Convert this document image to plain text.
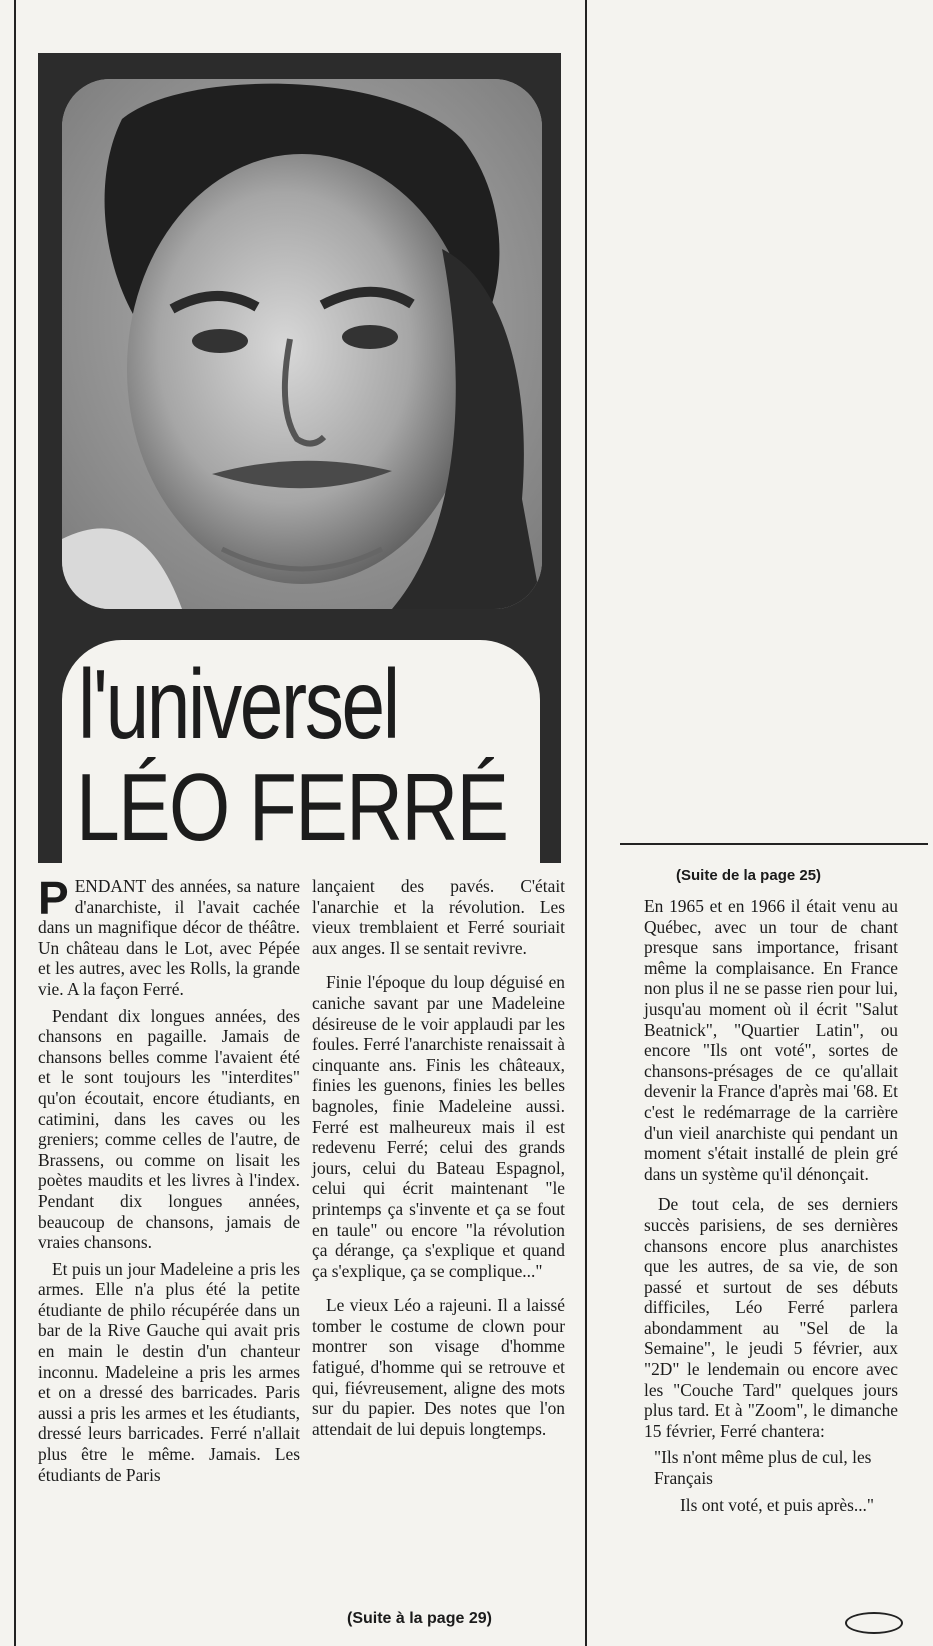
l'universel
LÉO FERRÉ

PENDANT des années, sa nature d'anarchiste, il l'avait cachée dans un magnifique décor de théâtre. Un château dans le Lot, avec Pépée et les autres, avec les Rolls, la grande vie. A la façon Ferré.

Pendant dix longues années, des chansons en pagaille. Jamais de chansons belles comme l'avaient été et le sont toujours les "interdites" qu'on écoutait, encore étudiants, en catimini, dans les caves ou les greniers; comme celles de l'autre, de Brassens, ou comme on lisait les poètes maudits et les livres à l'index. Pendant dix longues années, beaucoup de chansons, jamais de vraies chansons.

Et puis un jour Madeleine a pris les armes. Elle n'a plus été la petite étudiante de philo récupérée dans un bar de la Rive Gauche qui avait pris en main le destin d'un chanteur inconnu. Madeleine a pris les armes et on a dressé des barricades. Paris aussi a pris les armes et les étudiants, dressé leurs barricades. Ferré n'allait plus être le même. Jamais. Les étudiants de Paris

lançaient des pavés. C'était l'anarchie et la révolution. Les vieux tremblaient et Ferré souriait aux anges. Il se sentait revivre.

Finie l'époque du loup déguisé en caniche savant par une Madeleine désireuse de le voir applaudi par les foules. Ferré l'anarchiste renaissait à cinquante ans. Finis les châteaux, finies les guenons, finies les belles bagnoles, finie Madeleine aussi. Ferré est malheureux mais il est redevenu Ferré; celui des grands jours, celui du Bateau Espagnol, celui qui écrit maintenant "le printemps ça s'invente et ça se fout en taule" ou encore "la révolution ça dérange, ça s'explique et quand ça s'explique, ça se complique..."

Le vieux Léo a rajeuni. Il a laissé tomber le costume de clown pour montrer son visage d'homme fatigué, d'homme qui se retrouve et qui, fiévreusement, aligne des mots sur du papier. Des notes que l'on attendait de lui depuis longtemps.

(Suite à la page 29)
(Suite de la page 25)

En 1965 et en 1966 il était venu au Québec, avec un tour de chant presque sans importance, frisant même la complaisance. En France non plus il ne se passe rien pour lui, jusqu'au moment où il écrit "Salut Beatnick", "Quartier Latin", ou encore "Ils ont voté", sortes de chansons-présages de ce qu'allait devenir la France d'après mai '68. Et c'est le redémarrage de la carrière d'un vieil anarchiste qui pendant un moment s'était installé de plein gré dans un système qu'il dénonçait.

De tout cela, de ses derniers succès parisiens, de ses dernières chansons encore plus anarchistes que les autres, de sa vie, de son passé et surtout de ses débuts difficiles, Léo Ferré parlera abondamment au "Sel de la Semaine", le jeudi 5 février, aux "2D" le lendemain ou encore avec les "Couche Tard" quelques jours plus tard. Et à "Zoom", le dimanche 15 février, Ferré chantera:

"Ils n'ont même plus de cul, les Français

Ils ont voté, et puis après..."
